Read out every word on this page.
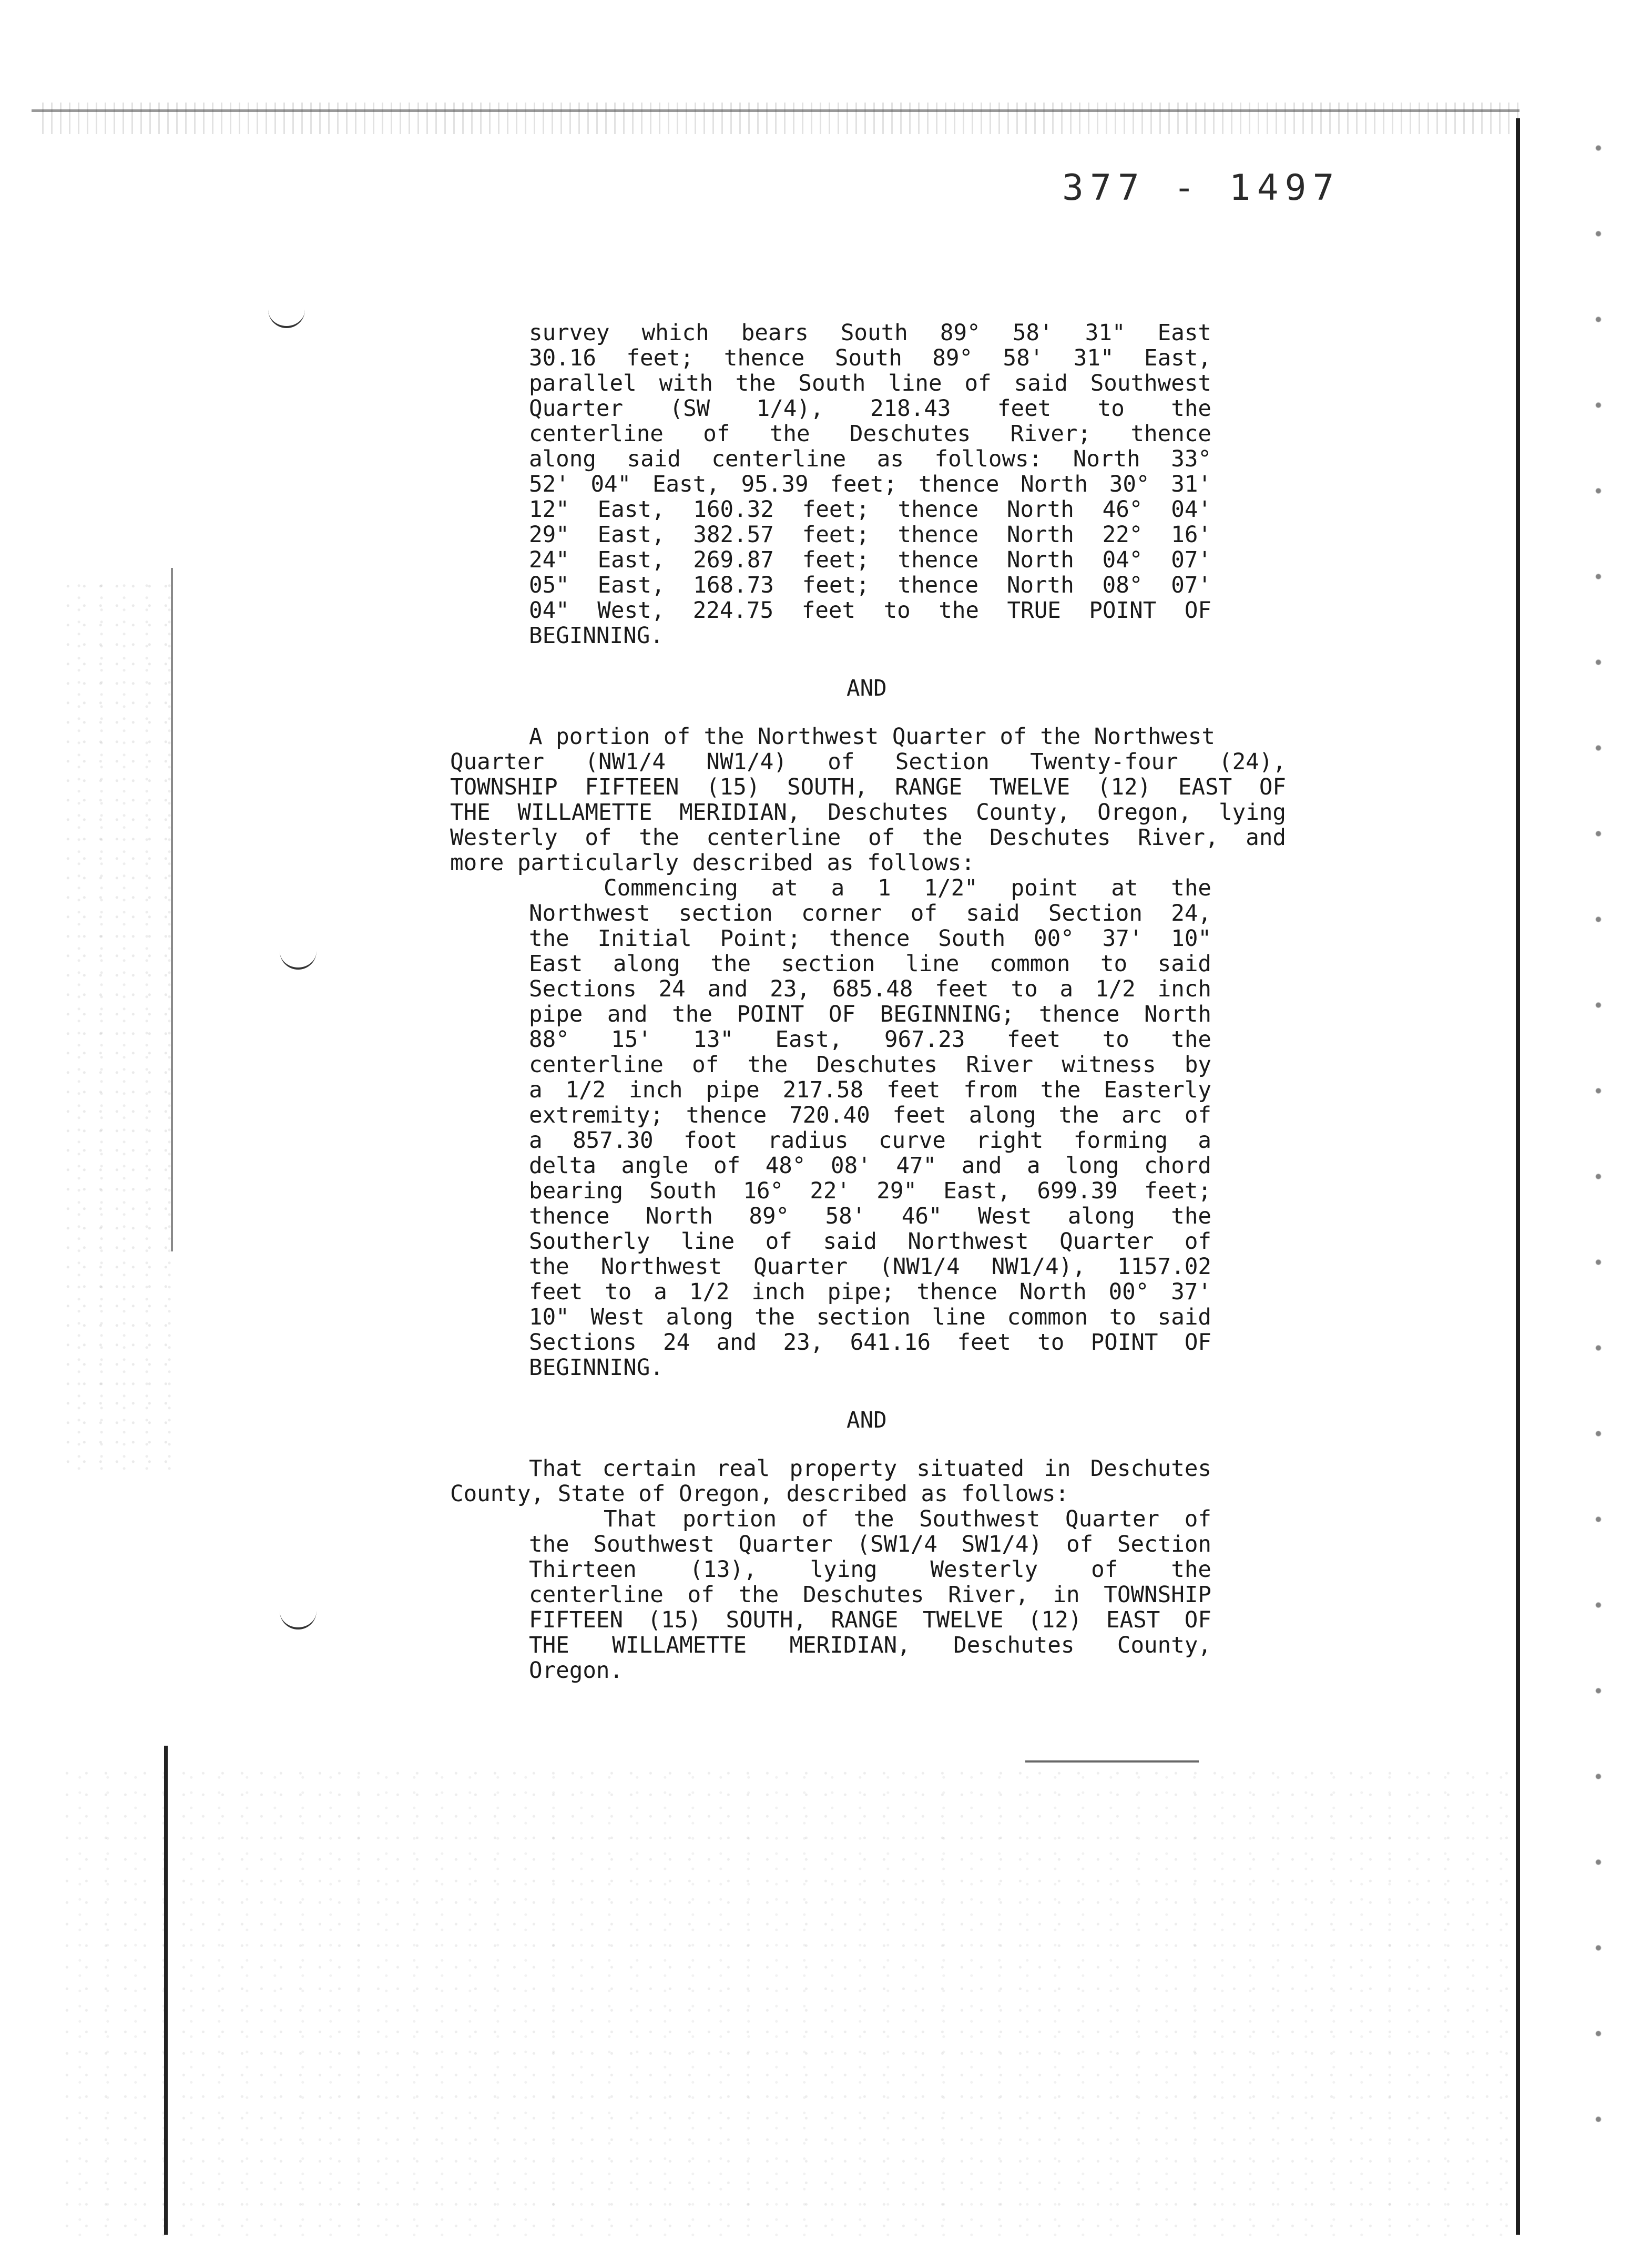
377 - 1497
survey which bears South 89° 58' 31" East
30.16 feet; thence South 89° 58' 31" East,
parallel with the South line of said Southwest
Quarter (SW 1/4), 218.43 feet to the
centerline of the Deschutes River; thence
along said centerline as follows: North 33°
52' 04" East, 95.39 feet; thence North 30° 31'
12" East, 160.32 feet; thence North 46° 04'
29" East, 382.57 feet; thence North 22° 16'
24" East, 269.87 feet; thence North 04° 07'
05" East, 168.73 feet; thence North 08° 07'
04" West, 224.75 feet to the TRUE POINT OF
BEGINNING.
AND
A portion of the Northwest Quarter of the Northwest
Quarter (NW1/4 NW1/4) of Section Twenty-four (24),
TOWNSHIP FIFTEEN (15) SOUTH, RANGE TWELVE (12) EAST OF
THE WILLAMETTE MERIDIAN, Deschutes County, Oregon, lying
Westerly of the centerline of the Deschutes River, and
more particularly described as follows:
Commencing at a 1 1/2" point at the
Northwest section corner of said Section 24,
the Initial Point; thence South 00° 37' 10"
East along the section line common to said
Sections 24 and 23, 685.48 feet to a 1/2 inch
pipe and the POINT OF BEGINNING; thence North
88° 15' 13" East, 967.23 feet to the
centerline of the Deschutes River witness by
a 1/2 inch pipe 217.58 feet from the Easterly
extremity; thence 720.40 feet along the arc of
a 857.30 foot radius curve right forming a
delta angle of 48° 08' 47" and a long chord
bearing South 16° 22' 29" East, 699.39 feet;
thence North 89° 58' 46" West along the
Southerly line of said Northwest Quarter of
the Northwest Quarter (NW1/4 NW1/4), 1157.02
feet to a 1/2 inch pipe; thence North 00° 37'
10" West along the section line common to said
Sections 24 and 23, 641.16 feet to POINT OF
BEGINNING.
AND
That certain real property situated in Deschutes
County, State of Oregon, described as follows:
That portion of the Southwest Quarter of
the Southwest Quarter (SW1/4 SW1/4) of Section
Thirteen (13), lying Westerly of the
centerline of the Deschutes River, in TOWNSHIP
FIFTEEN (15) SOUTH, RANGE TWELVE (12) EAST OF
THE WILLAMETTE MERIDIAN, Deschutes County,
Oregon.
